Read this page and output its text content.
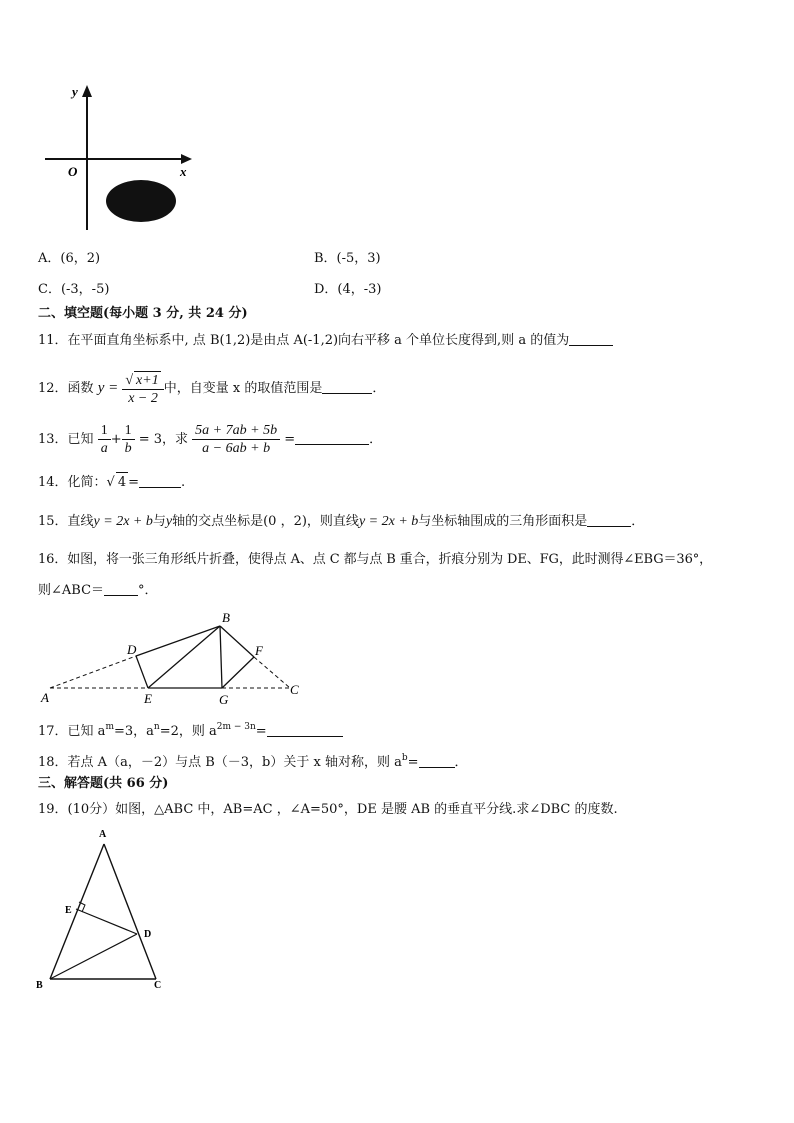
y
x
O
A．(6，2)	B．(-5，3)
C．(-3，-5)	D．(4，-3)
二、填空题(每小题 3 分, 共 24 分)
11．在平面直角坐标系中, 点 B(1,2)是由点 A(-1,2)向右平移 a 个单位长度得到,则 a 的值为
12．函数 $y = \frac{√ x+1}{x - 2}$ 中，自变量 x 的取值范围是	．
13．已知 $\frac{1}{a} + \frac{1}{b} = 3$，求 $\frac{5a + 7ab + 5b}{a - 6ab + b}$ =	．
14．化简：√ 4 =	.
15．直线y = 2x + b与y轴的交点坐标是(0 ，2)，则直线y = 2x + b与坐标轴围成的三角形面积是	．
16．如图，将一张三角形纸片折叠，使得点 A、点 C 都与点 B 重合，折痕分别为 DE、FG，此时测得∠EBG＝36°，
则∠ABC＝	°．
A
B
C
D
E
F
G
17．已知 $a^m=3$，$a^n=2$，则 $a^{2m - 3n}=$
18．若点 A（a，－2）与点 B（－3，b）关于 x 轴对称，则 $a^b=$	．
三、解答题(共 66 分)
19．(10分）如图，△ABC 中，AB=AC ，∠A=50°，DE 是腰 AB 的垂直平分线.求∠DBC 的度数.
A
B	C
D
E
